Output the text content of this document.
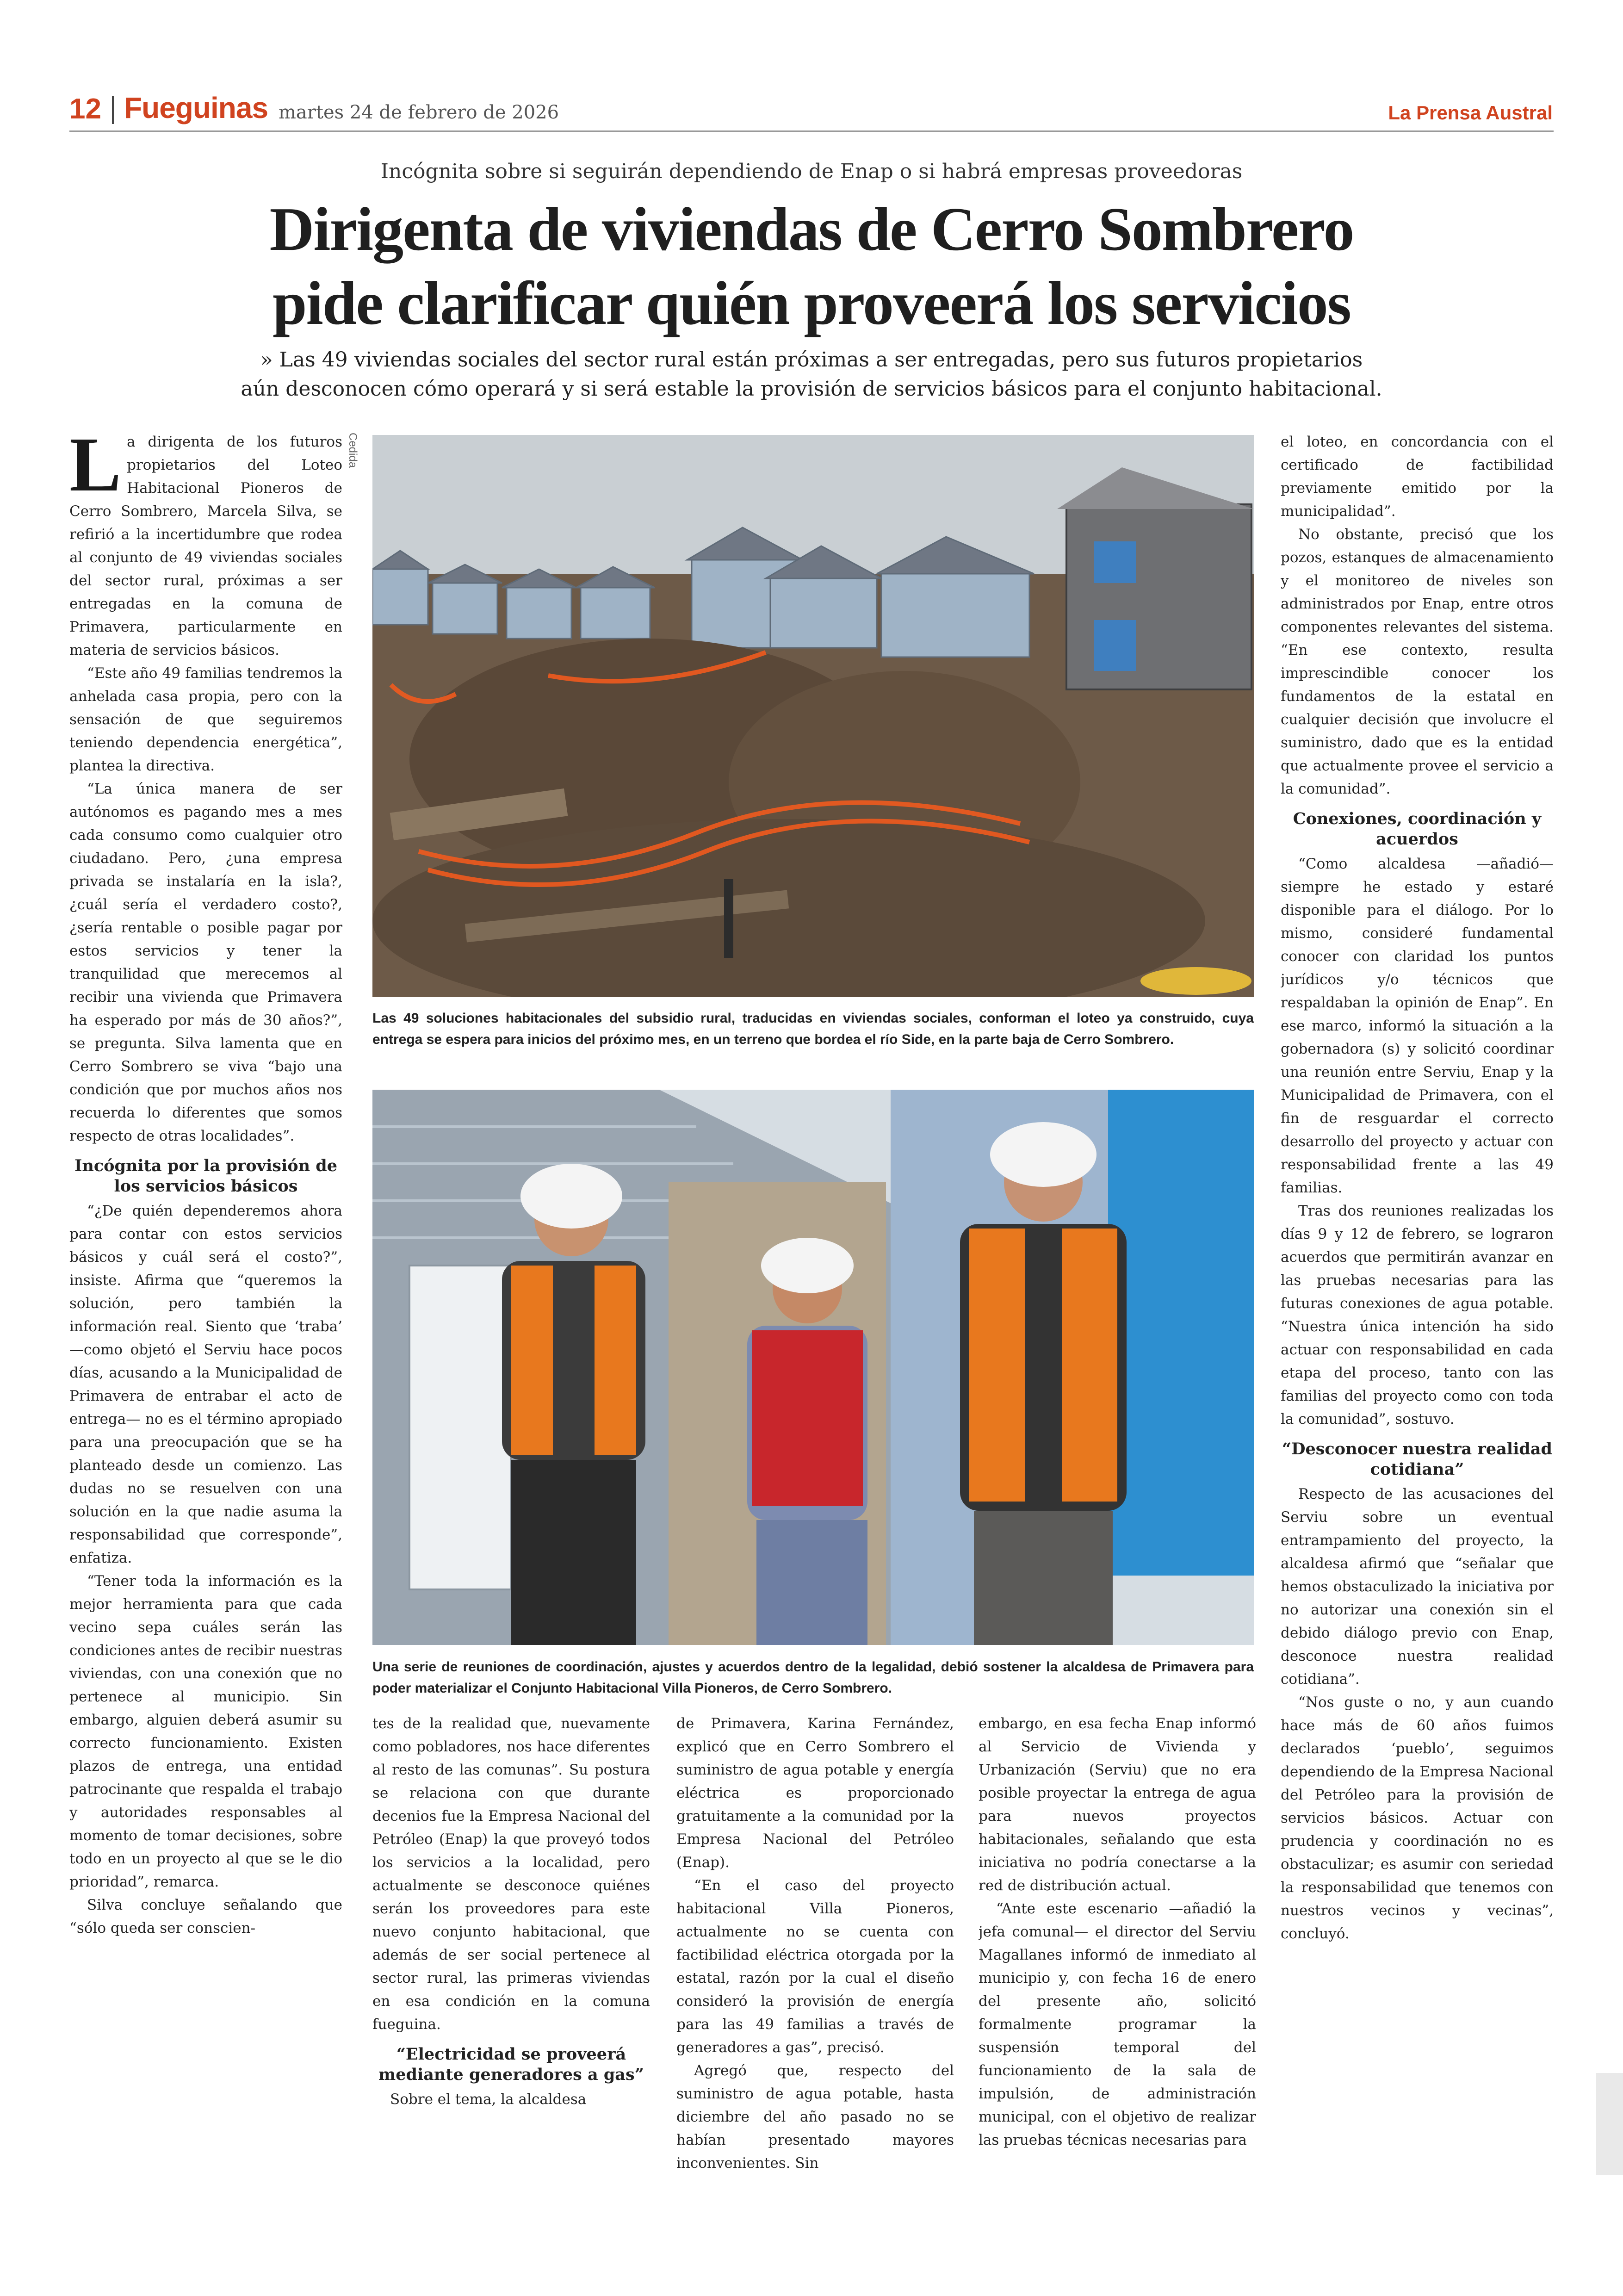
12 Fueguinas martes 24 de febrero de 2026	La Prensa Austral
Incógnita sobre si seguirán dependiendo de Enap o si habrá empresas proveedoras
Dirigenta de viviendas de Cerro Sombrero
pide clarificar quién proveerá los servicios
» Las 49 viviendas sociales del sector rural están próximas a ser entregadas, pero sus futuros propietarios
aún desconocen cómo operará y si será estable la provisión de servicios básicos para el conjunto habitacional.

La dirigenta de los futuros propietarios del Loteo Habitacional Pioneros de Cerro Sombrero, Marcela Silva, se refirió a la incertidumbre que rodea al conjunto de 49 viviendas sociales del sector rural, próximas a ser entregadas en la comuna de Primavera, particularmente en materia de servicios básicos.

“Este año 49 familias tendremos la anhelada casa propia, pero con la sensación de que seguiremos teniendo dependencia energética”, plantea la directiva.

“La única manera de ser autónomos es pagando mes a mes cada consumo como cualquier otro ciudadano. Pero, ¿una empresa privada se instalaría en la isla?, ¿cuál sería el verdadero costo?, ¿sería rentable o posible pagar por estos servicios y tener la tranquilidad que merecemos al recibir una vivienda que Primavera ha esperado por más de 30 años?”, se pregunta. Silva lamenta que en Cerro Sombrero se viva “bajo una condición que por muchos años nos recuerda lo diferentes que somos respecto de otras localidades”.

Incógnita por la provisión de los servicios básicos

“¿De quién dependeremos ahora para contar con estos servicios básicos y cuál será el costo?”, insiste. Afirma que “queremos la solución, pero también la información real. Siento que ‘traba’ —como objetó el Serviu hace pocos días, acusando a la Municipalidad de Primavera de entrabar el acto de entrega— no es el término apropiado para una preocupación que se ha planteado desde un comienzo. Las dudas no se resuelven con una solución en la que nadie asuma la responsabilidad que corresponde”, enfatiza.

“Tener toda la información es la mejor herramienta para que cada vecino sepa cuáles serán las condiciones antes de recibir nuestras viviendas, con una conexión que no pertenece al municipio. Sin embargo, alguien deberá asumir su correcto funcionamiento. Existen plazos de entrega, una entidad patrocinante que respalda el trabajo y autoridades responsables al momento de tomar decisiones, sobre todo en un proyecto al que se le dio prioridad”, remarca.

Silva concluye señalando que “sólo queda ser conscien-

Cedida
Las 49 soluciones habitacionales del subsidio rural, traducidas en viviendas sociales, conforman el loteo ya construido, cuya entrega se espera para inicios del próximo mes, en un terreno que bordea el río Side, en la parte baja de Cerro Sombrero.
Una serie de reuniones de coordinación, ajustes y acuerdos dentro de la legalidad, debió sostener la alcaldesa de Primavera para poder materializar el Conjunto Habitacional Villa Pioneros, de Cerro Sombrero.

tes de la realidad que, nuevamente como pobladores, nos hace diferentes al resto de las comunas”. Su postura se relaciona con que durante decenios fue la Empresa Nacional del Petróleo (Enap) la que proveyó todos los servicios a la localidad, pero actualmente se desconoce quiénes serán los proveedores para este nuevo conjunto habitacional, que además de ser social pertenece al sector rural, las primeras viviendas en esa condición en la comuna fueguina.

“Electricidad se proveerá mediante generadores a gas”

Sobre el tema, la alcaldesa

de Primavera, Karina Fernández, explicó que en Cerro Sombrero el suministro de agua potable y energía eléctrica es proporcionado gratuitamente a la comunidad por la Empresa Nacional del Petróleo (Enap).

“En el caso del proyecto habitacional Villa Pioneros, actualmente no se cuenta con factibilidad eléctrica otorgada por la estatal, razón por la cual el diseño consideró la provisión de energía para las 49 familias a través de generadores a gas”, precisó.

Agregó que, respecto del suministro de agua potable, hasta diciembre del año pasado no se habían presentado mayores inconvenientes. Sin

embargo, en esa fecha Enap informó al Servicio de Vivienda y Urbanización (Serviu) que no era posible proyectar la entrega de agua para nuevos proyectos habitacionales, señalando que esta iniciativa no podría conectarse a la red de distribución actual.

“Ante este escenario —añadió la jefa comunal— el director del Serviu Magallanes informó de inmediato al municipio y, con fecha 16 de enero del presente año, solicitó formalmente programar la suspensión temporal del funcionamiento de la sala de impulsión, de administración municipal, con el objetivo de realizar las pruebas técnicas necesarias para

el loteo, en concordancia con el certificado de factibilidad previamente emitido por la municipalidad”.

No obstante, precisó que los pozos, estanques de almacenamiento y el monitoreo de niveles son administrados por Enap, entre otros componentes relevantes del sistema. “En ese contexto, resulta imprescindible conocer los fundamentos de la estatal en cualquier decisión que involucre el suministro, dado que es la entidad que actualmente provee el servicio a la comunidad”.

Conexiones, coordinación y acuerdos

“Como alcaldesa —añadió— siempre he estado y estaré disponible para el diálogo. Por lo mismo, consideré fundamental conocer con claridad los puntos jurídicos y/o técnicos que respaldaban la opinión de Enap”. En ese marco, informó la situación a la gobernadora (s) y solicitó coordinar una reunión entre Serviu, Enap y la Municipalidad de Primavera, con el fin de resguardar el correcto desarrollo del proyecto y actuar con responsabilidad frente a las 49 familias.

Tras dos reuniones realizadas los días 9 y 12 de febrero, se lograron acuerdos que permitirán avanzar en las pruebas necesarias para las futuras conexiones de agua potable. “Nuestra única intención ha sido actuar con responsabilidad en cada etapa del proceso, tanto con las familias del proyecto como con toda la comunidad”, sostuvo.

“Desconocer nuestra realidad cotidiana”

Respecto de las acusaciones del Serviu sobre un eventual entrampamiento del proyecto, la alcaldesa afirmó que “señalar que hemos obstaculizado la iniciativa por no autorizar una conexión sin el debido diálogo previo con Enap, desconoce nuestra realidad cotidiana”.

“Nos guste o no, y aun cuando hace más de 60 años fuimos declarados ‘pueblo’, seguimos dependiendo de la Empresa Nacional del Petróleo para la provisión de servicios básicos. Actuar con prudencia y coordinación no es obstaculizar; es asumir con seriedad la responsabilidad que tenemos con nuestros vecinos y vecinas”, concluyó.
